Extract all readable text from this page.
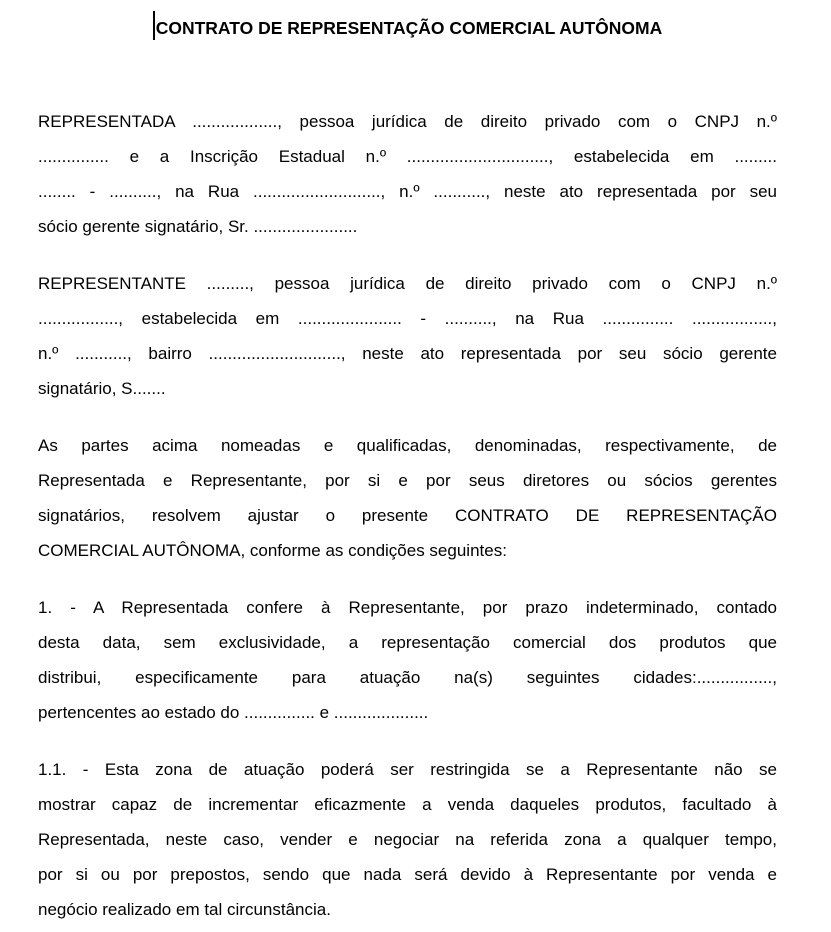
CONTRATO DE REPRESENTAÇÃO COMERCIAL AUTÔNOMA

REPRESENTADA .................., pessoa jurídica de direito privado com o CNPJ n.º
............... e a Inscrição Estadual n.º .............................., estabelecida em .........
........ - .........., na Rua ..........................., n.º ..........., neste ato representada por seu
sócio gerente signatário, Sr. ......................

REPRESENTANTE ........., pessoa jurídica de direito privado com o CNPJ n.º
................., estabelecida em ...................... - .........., na Rua ............... .................,
n.º ..........., bairro ............................, neste ato representada por seu sócio gerente
signatário, S.......

As partes acima nomeadas e qualificadas, denominadas, respectivamente, de
Representada e Representante, por si e por seus diretores ou sócios gerentes
signatários, resolvem ajustar o presente CONTRATO DE REPRESENTAÇÃO
COMERCIAL AUTÔNOMA, conforme as condições seguintes:

1. - A Representada confere à Representante, por prazo indeterminado, contado
desta data, sem exclusividade, a representação comercial dos produtos que
distribui, especificamente para atuação na(s) seguintes cidades:................,
pertencentes ao estado do ............... e ....................

1.1. - Esta zona de atuação poderá ser restringida se a Representante não se
mostrar capaz de incrementar eficazmente a venda daqueles produtos, facultado à
Representada, neste caso, vender e negociar na referida zona a qualquer tempo,
por si ou por prepostos, sendo que nada será devido à Representante por venda e
negócio realizado em tal circunstância.
